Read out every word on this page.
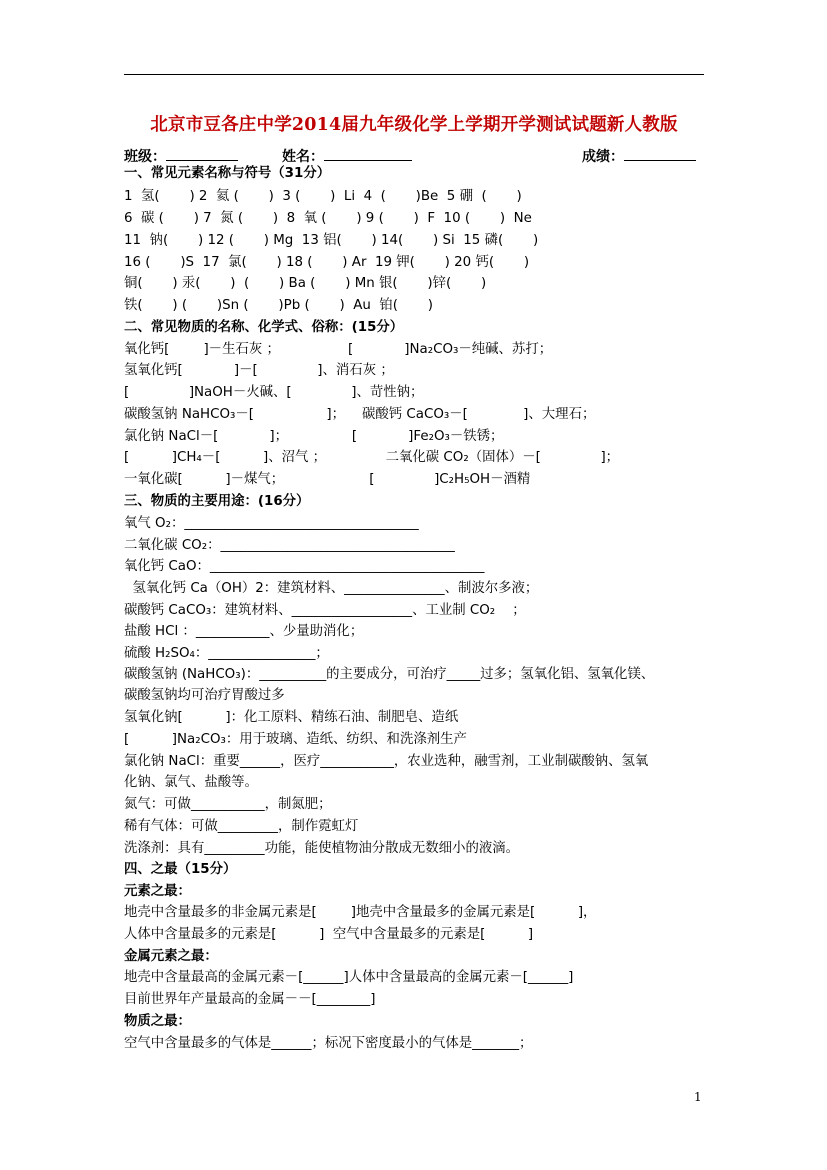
北京市豆各庄中学2014届九年级化学上学期开学测试试题新人教版
班级：	姓名：	成绩：
一、常见元素名称与符号（31分）
1  氢(       ) 2  氦 (       )  3 (       )  Li  4  (       )Be  5 硼  (       )
6  碳 (       ) 7  氮 (       )  8  氧 (       ) 9 (       )  F  10 (       )  Ne
11  钠(       ) 12 (       ) Mg  13 铝(       ) 14(       ) Si  15 磷(       )
16 (       )S  17  氯(       ) 18 (       ) Ar  19 钾(       ) 20 钙(       )
铜(       ) 汞(       )  (       ) Ba (       ) Mn 银(       )锌(       )
铁(       ) (       )Sn (       )Pb (       )  Au  铂(       )
二、常见物质的名称、化学式、俗称：(15分）
氧化钙[        ]－生石灰 ；                [            ]Na₂CO₃－纯碱、苏打；
氢氧化钙[            ]－[              ]、消石灰 ；
[              ]NaOH－火碱、[              ]、苛性钠；
碳酸氢钠 NaHCO₃－[                 ]；    碳酸钙 CaCO₃－[             ]、大理石；
氯化钠 NaCl－[            ]；               [            ]Fe₂O₃－铁锈；
[          ]CH₄－[          ]、沼气 ；              二氧化碳 CO₂（固体）－[              ]；
一氧化碳[          ]－煤气；                    [              ]C₂H₅OH－酒精
三、物质的主要用途：(16分）
氧气 O₂：___________________________________
二氧化碳 CO₂：___________________________________
氧化钙 CaO：_________________________________________
氢氧化钙 Ca（OH）2：建筑材料、_______________、制波尔多液；
碳酸钙 CaCO₃：建筑材料、__________________、工业制 CO₂    ；
盐酸 HCl ：___________、少量助消化；
硫酸 H₂SO₄：________________；
碳酸氢钠 (NaHCO₃)：__________的主要成分，可治疗_____过多；氢氧化铝、氢氧化镁、
碳酸氢钠均可治疗胃酸过多
氢氧化钠[          ]：化工原料、精练石油、制肥皂、造纸
[          ]Na₂CO₃：用于玻璃、造纸、纺织、和洗涤剂生产
氯化钠 NaCl：重要______，医疗___________，农业选种，融雪剂，工业制碳酸钠、氢氧
化钠、氯气、盐酸等。
氮气：可做___________，制氮肥；
稀有气体：可做_________，制作霓虹灯
洗涤剂：具有_________功能，能使植物油分散成无数细小的液滴。
四、之最（15分）
元素之最：
地壳中含量最多的非金属元素是[        ]地壳中含量最多的金属元素是[          ]，
人体中含量最多的元素是[          ]  空气中含量最多的元素是[          ]
金属元素之最：
地壳中含量最高的金属元素－[______]人体中含量最高的金属元素－[______]
目前世界年产量最高的金属－－[________]
物质之最：
空气中含量最多的气体是______；标况下密度最小的气体是_______；
1
